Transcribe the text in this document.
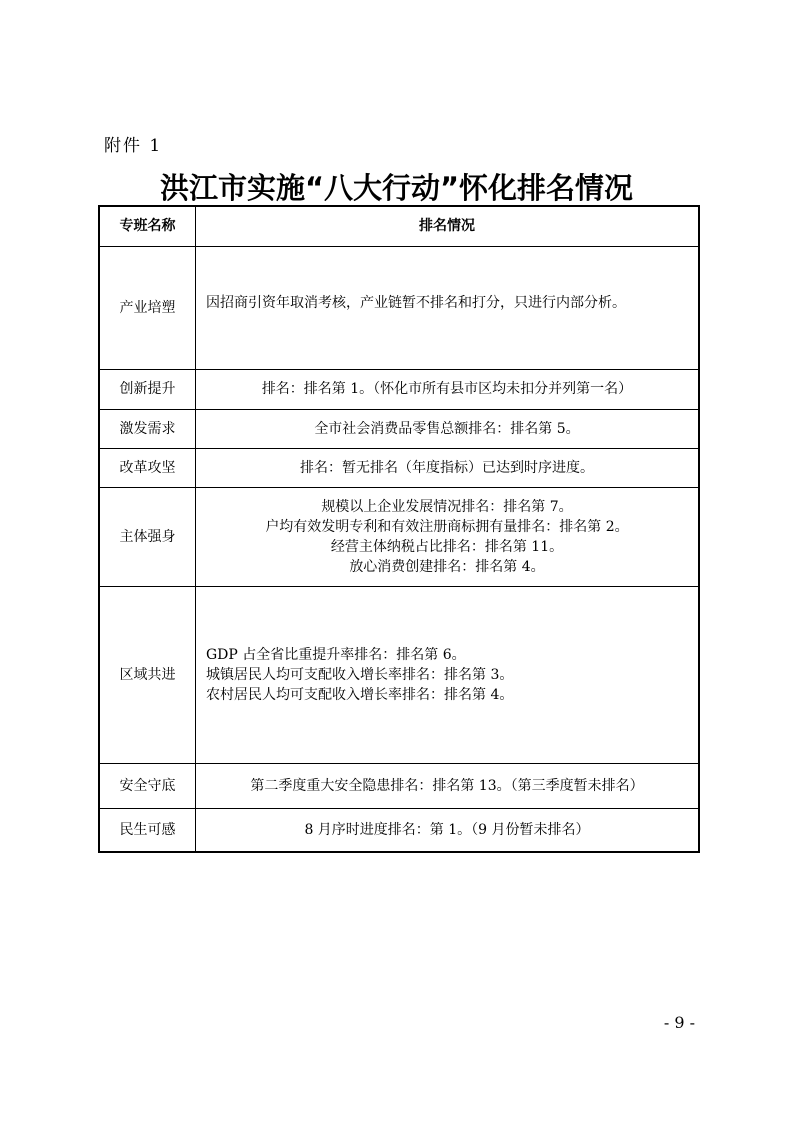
附件 1
洪江市实施“八大行动”怀化排名情况
专班名称	排名情况
产业培塑	因招商引资年取消考核，产业链暂不排名和打分，只进行内部分析。

创新提升	排名：排名第 1。（怀化市所有县市区均未扣分并列第一名）

激发需求	全市社会消费品零售总额排名：排名第 5。

改革攻坚	排名：暂无排名（年度指标）已达到时序进度。

主体强身	规模以上企业发展情况排名：排名第 7。
户均有效发明专利和有效注册商标拥有量排名：排名第 2。
经营主体纳税占比排名：排名第 11。
放心消费创建排名：排名第 4。

区域共进	GDP 占全省比重提升率排名：排名第 6。
城镇居民人均可支配收入增长率排名：排名第 3。
农村居民人均可支配收入增长率排名：排名第 4。

安全守底	第二季度重大安全隐患排名：排名第 13。（第三季度暂未排名）

民生可感	8 月序时进度排名：第 1。（9 月份暂未排名）
- 9 -
